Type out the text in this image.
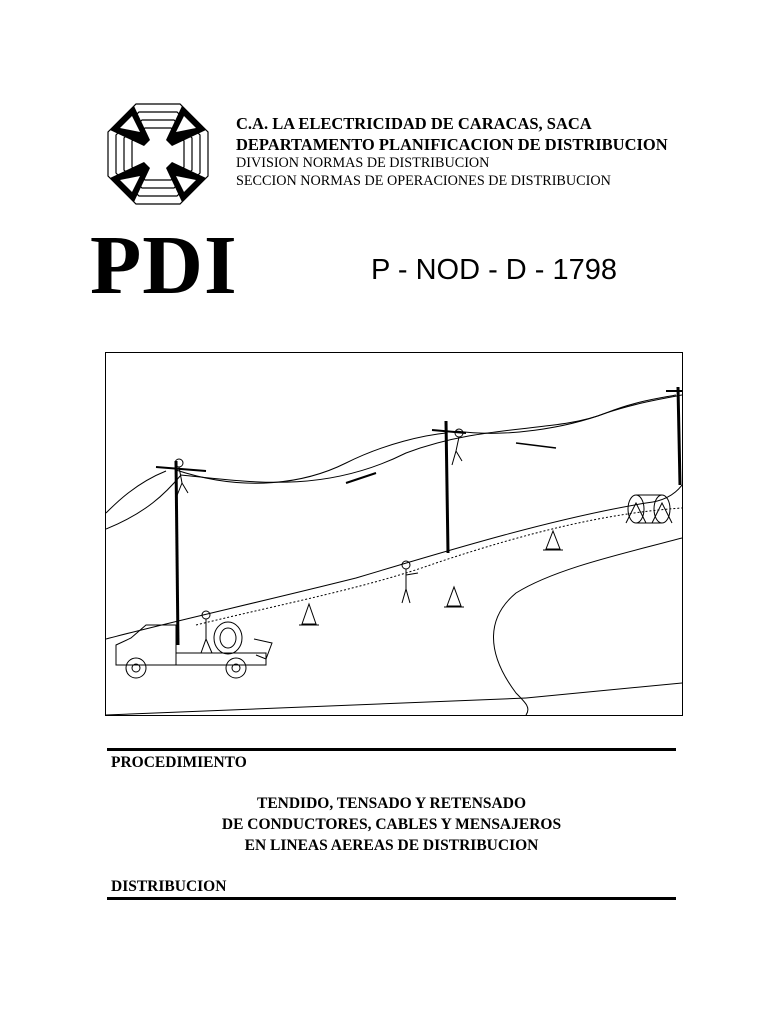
C.A. LA ELECTRICIDAD DE CARACAS, SACA
DEPARTAMENTO PLANIFICACION DE DISTRIBUCION
DIVISION NORMAS DE DISTRIBUCION
SECCION NORMAS DE OPERACIONES DE DISTRIBUCION
PDI	P - NOD - D - 1798
PROCEDIMIENTO
TENDIDO, TENSADO Y RETENSADO
DE CONDUCTORES, CABLES Y MENSAJEROS
EN LINEAS AEREAS DE DISTRIBUCION
DISTRIBUCION
